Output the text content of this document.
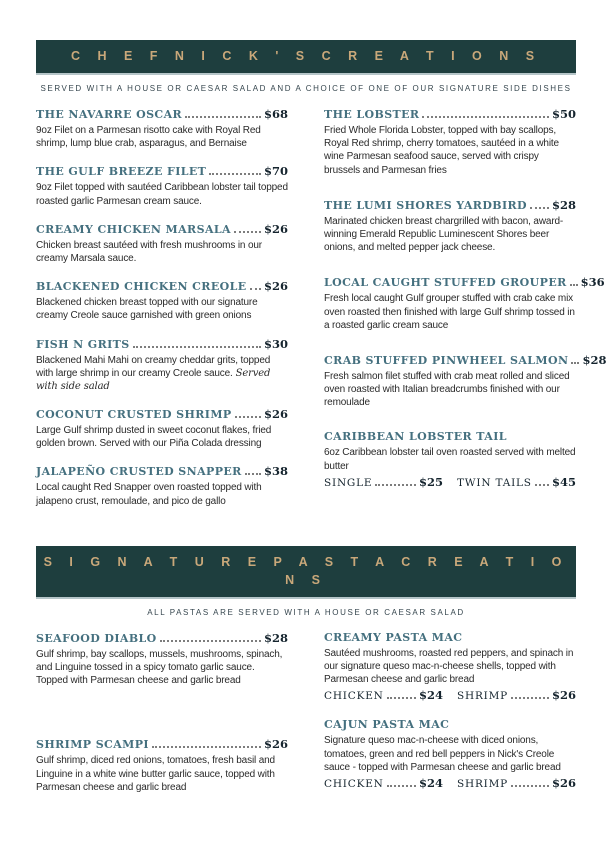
C H E F N I C K ' S C R E A T I O N S
SERVED WITH A HOUSE OR CAESAR SALAD AND A CHOICE OF ONE OF OUR SIGNATURE SIDE DISHES
THE NAVARRE OSCAR	$68
9oz Filet on a Parmesan risotto cake with Royal Red shrimp, lump blue crab, asparagus, and Bernaise
THE GULF BREEZE FILET	$70
9oz Filet topped with sautéed Caribbean lobster tail topped roasted garlic Parmesan cream sauce.
CREAMY CHICKEN MARSALA	$26
Chicken breast sautéed with fresh mushrooms in our creamy Marsala sauce.
BLACKENED CHICKEN CREOLE $26
Blackened chicken breast topped with our signature creamy Creole sauce garnished with green onions
FISH N GRITS	$30
Blackened Mahi Mahi on creamy cheddar grits, topped with large shrimp in our creamy Creole sauce. Served with side salad
COCONUT CRUSTED SHRIMP	$26
Large Gulf shrimp dusted in sweet coconut flakes, fried golden brown. Served with our Piña Colada dressing
JALAPEÑO CRUSTED SNAPPER $38
Local caught Red Snapper oven roasted topped with jalapeno crust, remoulade, and pico de gallo
THE LOBSTER	$50
Fried Whole Florida Lobster, topped with bay scallops, Royal Red shrimp, cherry tomatoes, sautéed in a white wine Parmesan seafood sauce, served with crispy brussels and Parmesan fries
THE LUMI SHORES YARDBIRD $28
Marinated chicken breast chargrilled with bacon, award-winning Emerald Republic Luminescent Shores beer onions, and melted pepper jack cheese.
LOCAL CAUGHT STUFFED GROUPER $36
Fresh local caught Gulf grouper stuffed with crab cake mix oven roasted then finished with large Gulf shrimp tossed in a roasted garlic cream sauce
CRAB STUFFED PINWHEEL SALMON $28
Fresh salmon filet stuffed with crab meat rolled and sliced oven roasted with Italian breadcrumbs finished with our remoulade
CARIBBEAN LOBSTER TAIL
6oz Caribbean lobster tail oven roasted served with melted butter
SINGLE	$25 TWIN TAILS $45
S I G N A T U R E P A S T A C R E A T I O N S
ALL PASTAS ARE SERVED WITH A HOUSE OR CAESAR SALAD
SEAFOOD DIABLO	$28
Gulf shrimp, bay scallops, mussels, mushrooms, spinach, and Linguine tossed in a spicy tomato garlic sauce. Topped with Parmesan cheese and garlic bread
SHRIMP SCAMPI	$26
Gulf shrimp, diced red onions, tomatoes, fresh basil and Linguine in a white wine butter garlic sauce, topped with Parmesan cheese and garlic bread
CREAMY PASTA MAC
Sautéed mushrooms, roasted red peppers, and spinach in our signature queso mac-n-cheese shells, topped with Parmesan cheese and garlic bread
CHICKEN	$24 SHRIMP	$26
CAJUN PASTA MAC
Signature queso mac-n-cheese with diced onions, tomatoes, green and red bell peppers in Nick's Creole sauce - topped with Parmesan cheese and garlic bread
CHICKEN	$24 SHRIMP	$26
